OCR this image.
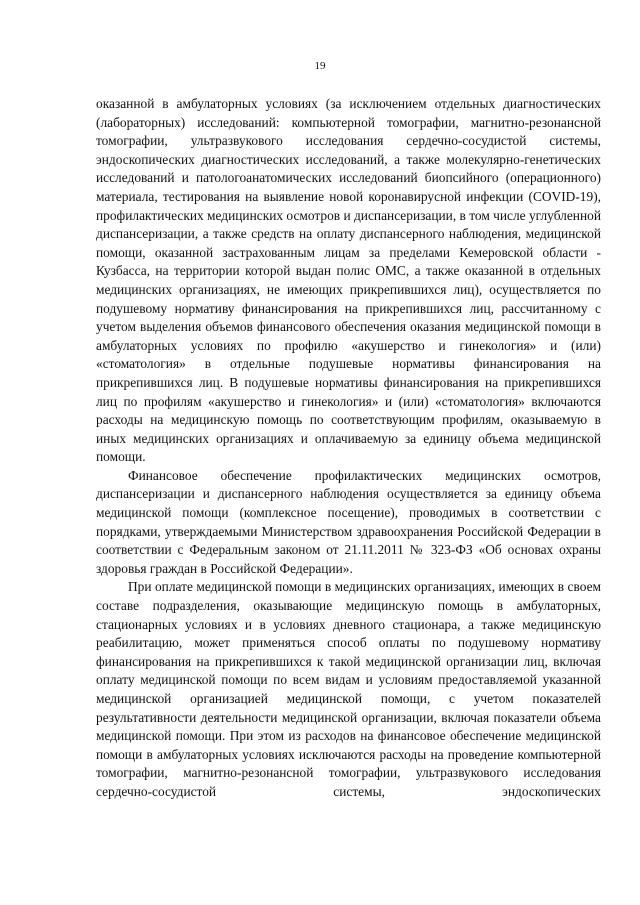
19

оказанной в амбулаторных условиях (за исключением отдельных диагностических (лабораторных) исследований: компьютерной томографии, магнитно-резонансной томографии, ультразвукового исследования сердечно-сосудистой системы, эндоскопических диагностических исследований, а также молекулярно-генетических исследований и патологоанатомических исследований биопсийного (операционного) материала, тестирования на выявление новой коронавирусной инфекции (COVID-19), профилактических медицинских осмотров и диспансеризации, в том числе углубленной диспансеризации, а также средств на оплату диспансерного наблюдения, медицинской помощи, оказанной застрахованным лицам за пределами Кемеровской области - Кузбасса, на территории которой выдан полис ОМС, а также оказанной в отдельных медицинских организациях, не имеющих прикрепившихся лиц), осуществляется по подушевому нормативу финансирования на прикрепившихся лиц, рассчитанному с учетом выделения объемов финансового обеспечения оказания медицинской помощи в амбулаторных условиях по профилю «акушерство и гинекология» и (или) «стоматология» в отдельные подушевые нормативы финансирования на прикрепившихся лиц. В подушевые нормативы финансирования на прикрепившихся лиц по профилям «акушерство и гинекология» и (или) «стоматология» включаются расходы на медицинскую помощь по соответствующим профилям, оказываемую в иных медицинских организациях и оплачиваемую за единицу объема медицинской помощи.

Финансовое обеспечение профилактических медицинских осмотров, диспансеризации и диспансерного наблюдения осуществляется за единицу объема медицинской помощи (комплексное посещение), проводимых в соответствии с порядками, утверждаемыми Министерством здравоохранения Российской Федерации в соответствии с Федеральным законом от 21.11.2011 № 323-ФЗ «Об основах охраны здоровья граждан в Российской Федерации».

При оплате медицинской помощи в медицинских организациях, имеющих в своем составе подразделения, оказывающие медицинскую помощь в амбулаторных, стационарных условиях и в условиях дневного стационара, а также медицинскую реабилитацию, может применяться способ оплаты по подушевому нормативу финансирования на прикрепившихся к такой медицинской организации лиц, включая оплату медицинской помощи по всем видам и условиям предоставляемой указанной медицинской организацией медицинской помощи, с учетом показателей результативности деятельности медицинской организации, включая показатели объема медицинской помощи. При этом из расходов на финансовое обеспечение медицинской помощи в амбулаторных условиях исключаются расходы на проведение компьютерной томографии, магнитно-резонансной томографии, ультразвукового исследования сердечно-сосудистой системы, эндоскопических
